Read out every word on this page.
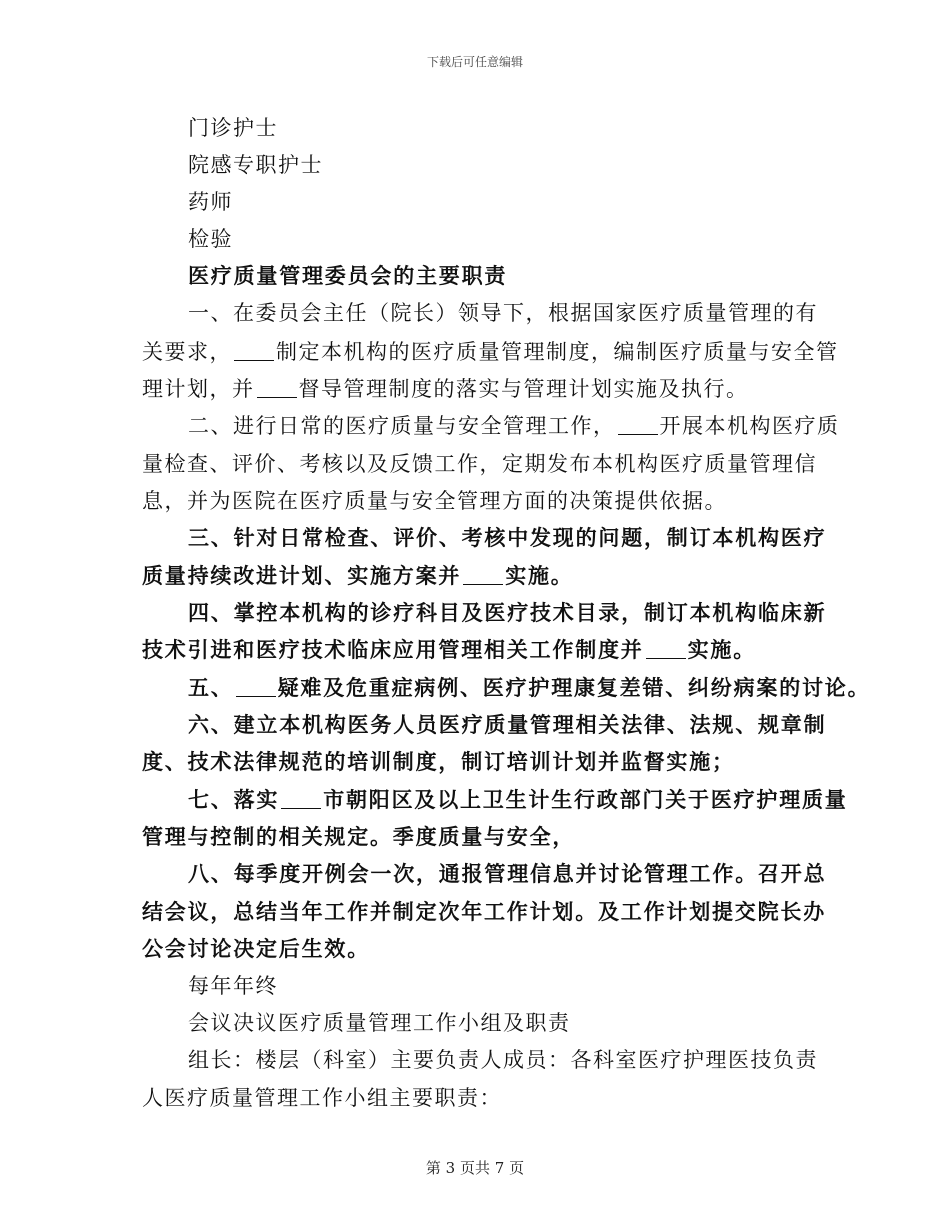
下载后可任意编辑
门诊护士
院感专职护士
药师
检验
医疗质量管理委员会的主要职责
一、在委员会主任（院长）领导下，根据国家医疗质量管理的有
关要求， 制定本机构的医疗质量管理制度，编制医疗质量与安全管
理计划，并 督导管理制度的落实与管理计划实施及执行。
二、进行日常的医疗质量与安全管理工作， 开展本机构医疗质
量检查、评价、考核以及反馈工作，定期发布本机构医疗质量管理信
息，并为医院在医疗质量与安全管理方面的决策提供依据。
三、针对日常检查、评价、考核中发现的问题，制订本机构医疗
质量持续改进计划、实施方案并 实施。
四、掌控本机构的诊疗科目及医疗技术目录，制订本机构临床新
技术引进和医疗技术临床应用管理相关工作制度并 实施。
五、 疑难及危重症病例、医疗护理康复差错、纠纷病案的讨论。
六、建立本机构医务人员医疗质量管理相关法律、法规、规章制
度、技术法律规范的培训制度，制订培训计划并监督实施；
七、落实 市朝阳区及以上卫生计生行政部门关于医疗护理质量
管理与控制的相关规定。季度质量与安全，
八、每季度开例会一次，通报管理信息并讨论管理工作。召开总
结会议，总结当年工作并制定次年工作计划。及工作计划提交院长办
公会讨论决定后生效。
每年年终
会议决议医疗质量管理工作小组及职责
组长：楼层（科室）主要负责人成员：各科室医疗护理医技负责
人医疗质量管理工作小组主要职责：
第 3 页共 7 页
